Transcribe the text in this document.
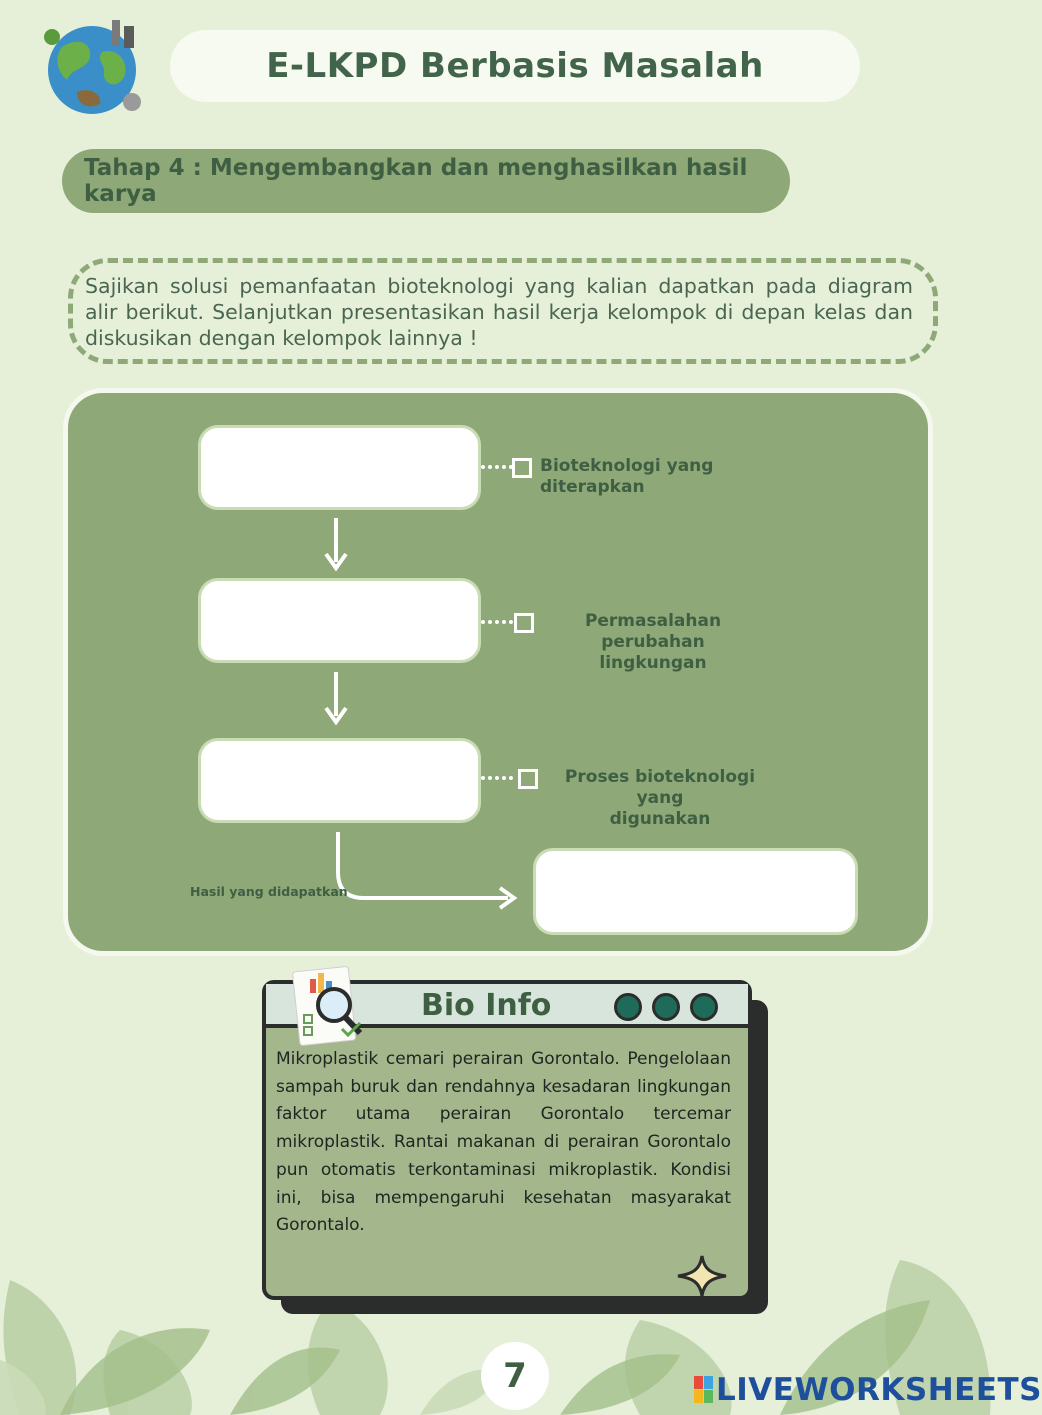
E-LKPD Berbasis Masalah
Tahap 4 : Mengembangkan dan menghasilkan hasil karya

Sajikan solusi pemanfaatan bioteknologi yang kalian dapatkan pada diagram alir berikut. Selanjutkan presentasikan hasil kerja kelompok di depan kelas dan diskusikan dengan kelompok lainnya !

Bioteknologi yang diterapkan
Permasalahan perubahan
lingkungan
Proses bioteknologi yang
digunakan
Hasil yang didapatkan
Bio Info

Mikroplastik cemari perairan Gorontalo. Pengelolaan sampah buruk dan rendahnya kesadaran lingkungan faktor utama perairan Gorontalo tercemar mikroplastik. Rantai makanan di perairan Gorontalo pun otomatis terkontaminasi mikroplastik. Kondisi ini, bisa mempengaruhi kesehatan masyarakat Gorontalo.

7	LIVEWORKSHEETS
